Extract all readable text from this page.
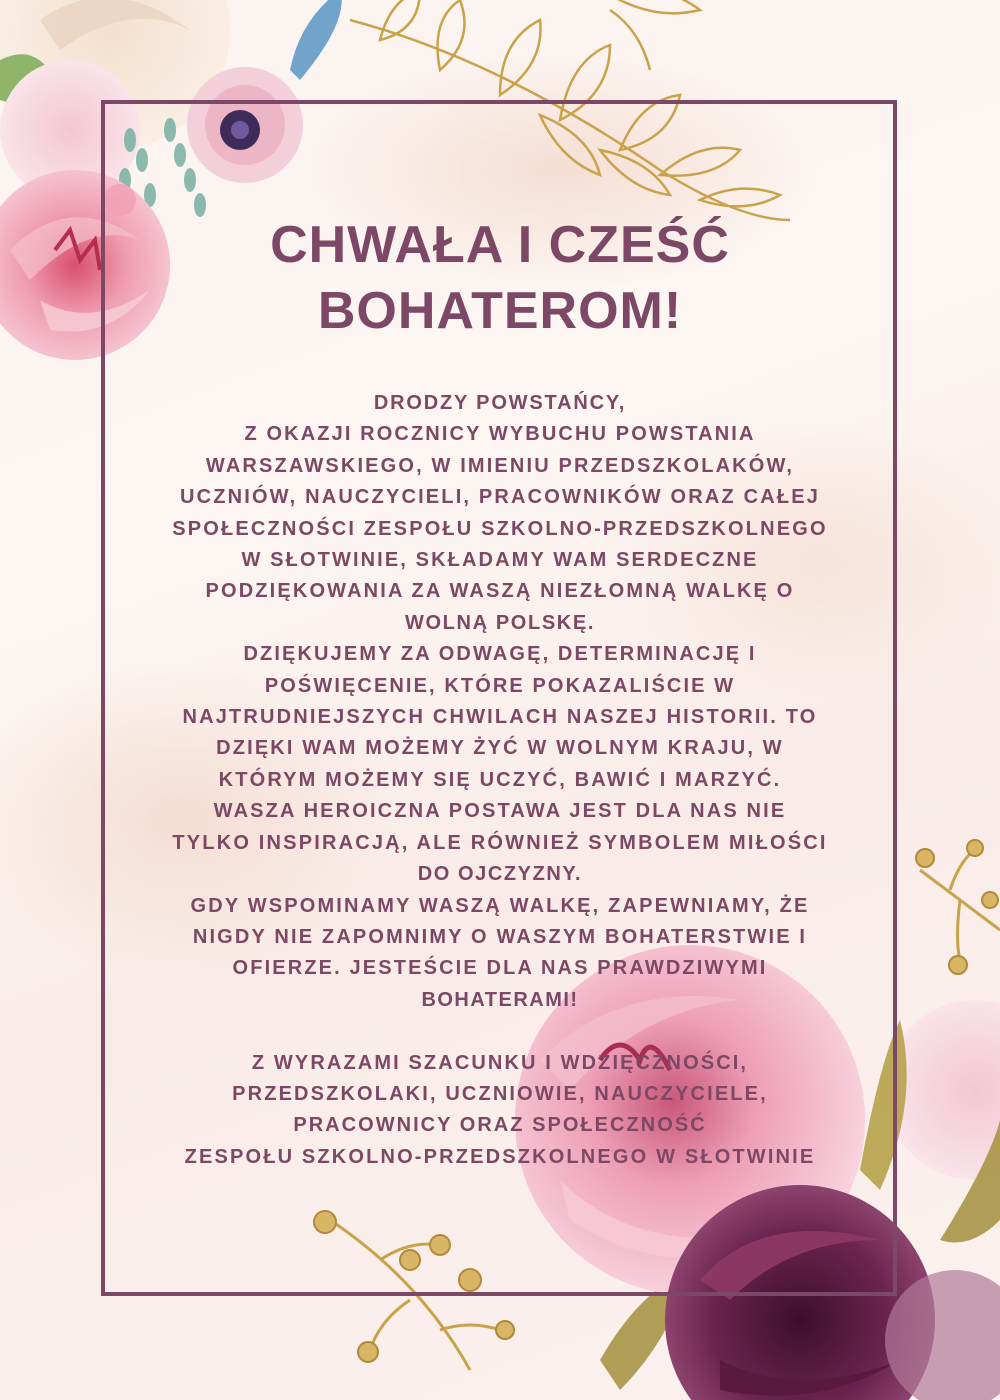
CHWAŁA I CZEŚĆ
BOHATEROM!
DRODZY POWSTAŃCY,
Z OKAZJI ROCZNICY WYBUCHU POWSTANIA
WARSZAWSKIEGO, W IMIENIU PRZEDSZKOLAKÓW,
UCZNIÓW, NAUCZYCIELI, PRACOWNIKÓW ORAZ CAŁEJ
SPOŁECZNOŚCI ZESPOŁU SZKOLNO-PRZEDSZKOLNEGO
W SŁOTWINIE, SKŁADAMY WAM SERDECZNE
PODZIĘKOWANIA ZA WASZĄ NIEZŁOMNĄ WALKĘ O
WOLNĄ POLSKĘ.
DZIĘKUJEMY ZA ODWAGĘ, DETERMINACJĘ I
POŚWIĘCENIE, KTÓRE POKAZALIŚCIE W
NAJTRUDNIEJSZYCH CHWILACH NASZEJ HISTORII. TO
DZIĘKI WAM MOŻEMY ŻYĆ W WOLNYM KRAJU, W
KTÓRYM MOŻEMY SIĘ UCZYĆ, BAWIĆ I MARZYĆ.
WASZA HEROICZNA POSTAWA JEST DLA NAS NIE
TYLKO INSPIRACJĄ, ALE RÓWNIEŻ SYMBOLEM MIŁOŚCI
DO OJCZYZNY.
GDY WSPOMINAMY WASZĄ WALKĘ, ZAPEWNIAMY, ŻE
NIGDY NIE ZAPOMNIMY O WASZYM BOHATERSTWIE I
OFIERZE. JESTEŚCIE DLA NAS PRAWDZIWYMI
BOHATERAMI!
Z WYRAZAMI SZACUNKU I WDZIĘCZNOŚCI,
PRZEDSZKOLAKI, UCZNIOWIE, NAUCZYCIELE,
PRACOWNICY ORAZ SPOŁECZNOŚĆ
ZESPOŁU SZKOLNO-PRZEDSZKOLNEGO W SŁOTWINIE
